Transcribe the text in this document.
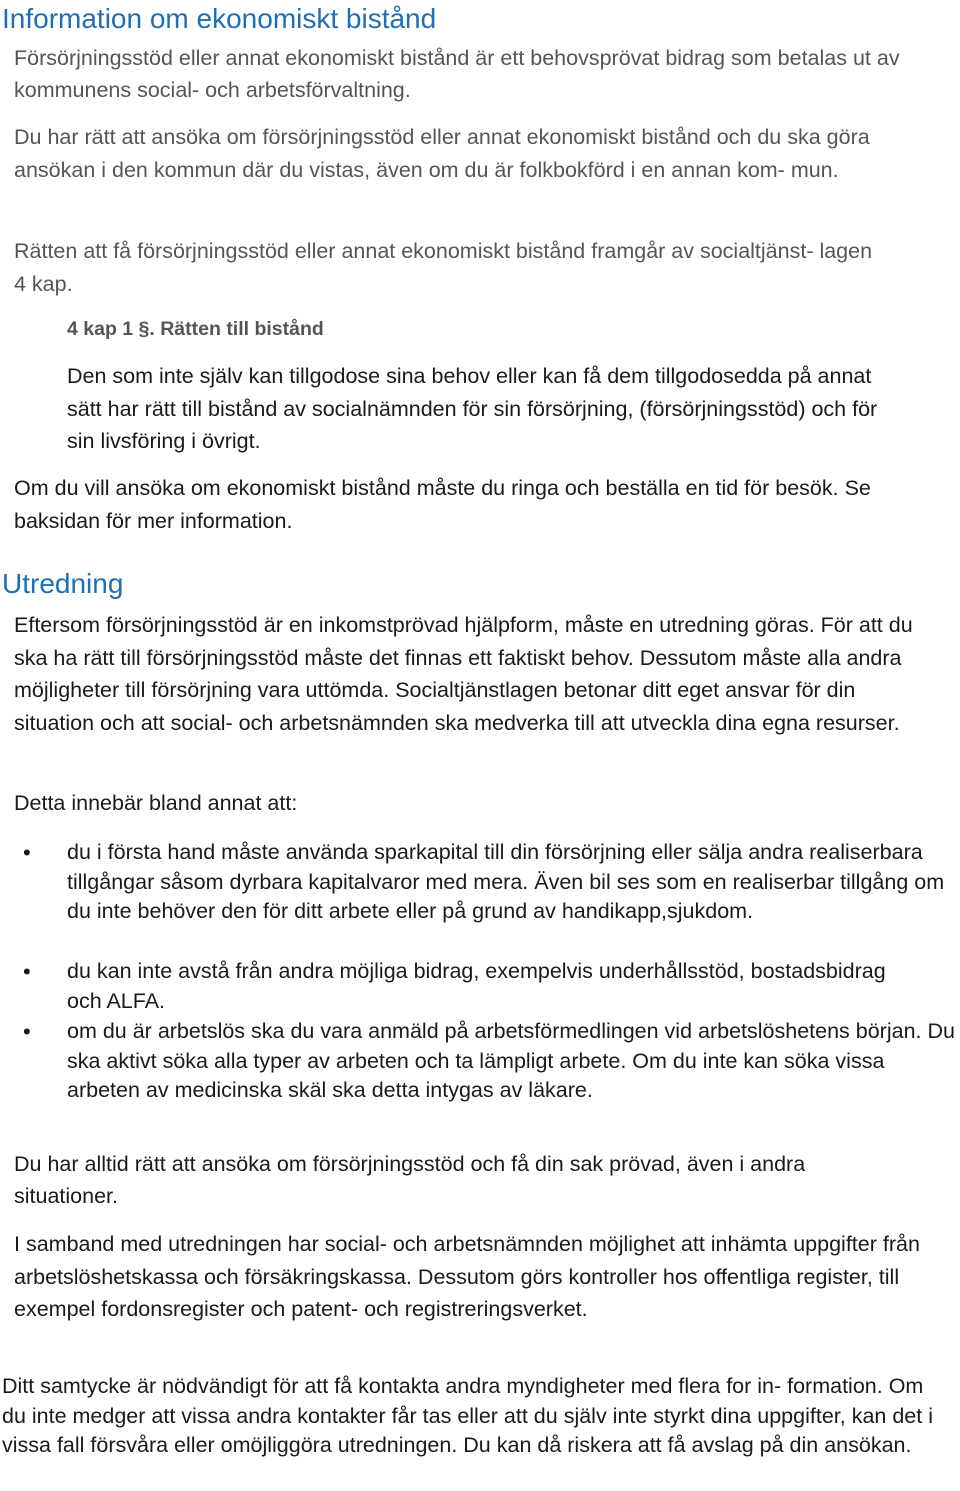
Information om ekonomiskt bistånd

Försörjningsstöd eller annat ekonomiskt bistånd är ett behovsprövat bidrag som betalas ut av kommunens social- och arbetsförvaltning.

Du har rätt att ansöka om försörjningsstöd eller annat ekonomiskt bistånd och du ska göra ansökan i den kommun där du vistas, även om du är folkbokförd i en annan kom- mun.

Rätten att få försörjningsstöd eller annat ekonomiskt bistånd framgår av socialtjänst- lagen 4 kap.

4 kap 1 §. Rätten till bistånd

Den som inte själv kan tillgodose sina behov eller kan få dem tillgodosedda på annat sätt har rätt till bistånd av socialnämnden för sin försörjning, (försörjningsstöd) och för sin livsföring i övrigt.

Om du vill ansöka om ekonomiskt bistånd måste du ringa och beställa en tid för besök. Se baksidan för mer information.

Utredning

Eftersom försörjningsstöd är en inkomstprövad hjälpform, måste en utredning göras. För att du ska ha rätt till försörjningsstöd måste det finnas ett faktiskt behov. Dessutom måste alla andra möjligheter till försörjning vara uttömda. Socialtjänstlagen betonar ditt eget ansvar för din situation och att social- och arbetsnämnden ska medverka till att utveckla dina egna resurser.

Detta innebär bland annat att:

• du i första hand måste använda sparkapital till din försörjning eller sälja andra realiserbara tillgångar såsom dyrbara kapitalvaror med mera. Även bil ses som en realiserbar tillgång om du inte behöver den för ditt arbete eller på grund av handikapp,sjukdom.

• du kan inte avstå från andra möjliga bidrag, exempelvis underhållsstöd, bostadsbidrag och ALFA.

• om du är arbetslös ska du vara anmäld på arbetsförmedlingen vid arbetslöshetens början. Du ska aktivt söka alla typer av arbeten och ta lämpligt arbete. Om du inte kan söka vissa arbeten av medicinska skäl ska detta intygas av läkare.

Du har alltid rätt att ansöka om försörjningsstöd och få din sak prövad, även i andra situationer.

I samband med utredningen har social- och arbetsnämnden möjlighet att inhämta uppgifter från arbetslöshetskassa och försäkringskassa. Dessutom görs kontroller hos offentliga register, till exempel fordonsregister och patent- och registreringsverket.

Ditt samtycke är nödvändigt för att få kontakta andra myndigheter med flera for in- formation. Om du inte medger att vissa andra kontakter får tas eller att du själv inte styrkt dina uppgifter, kan det i vissa fall försvåra eller omöjliggöra utredningen. Du kan då riskera att få avslag på din ansökan.
